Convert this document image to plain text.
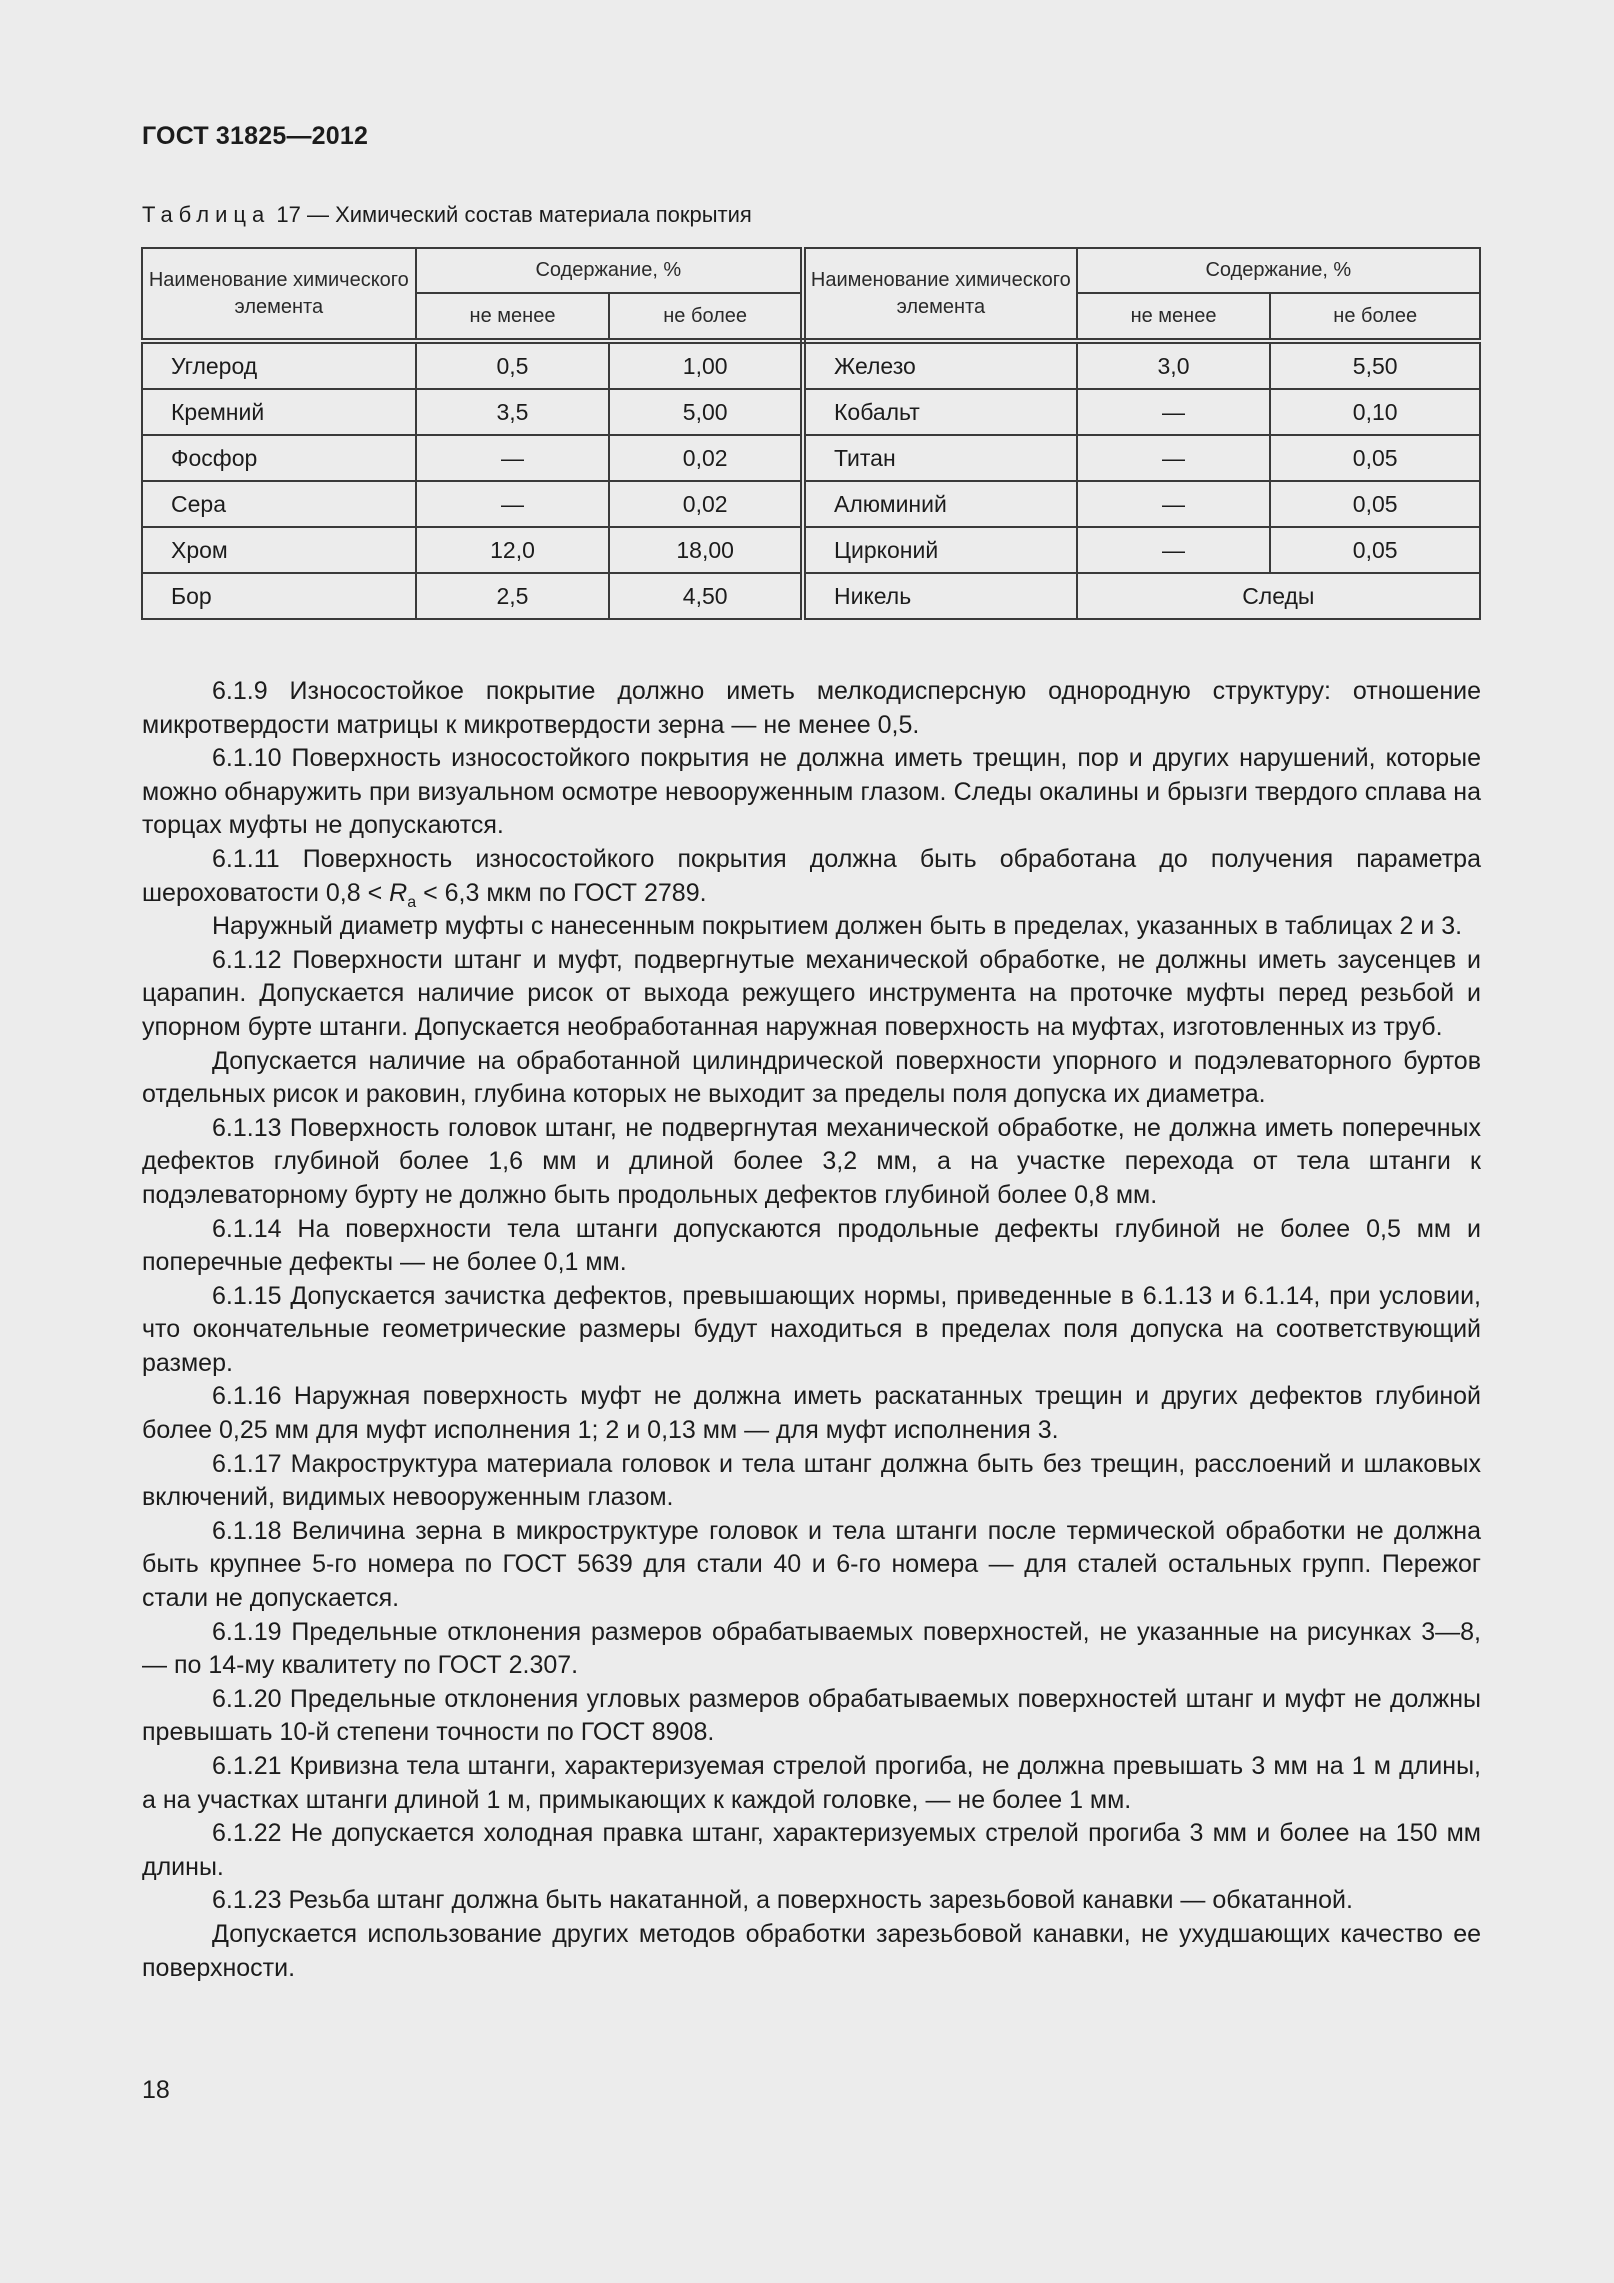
ГОСТ 31825—2012
Таблица 17 — Химический состав материала покрытия
Наименование химического элемента	Содержание, %		Наименование химического элемента	Содержание, %	
	не менее	не более		не менее	не более
Углерод	0,5	1,00	Железо	3,0	5,50
Кремний	3,5	5,00	Кобальт	—	0,10
Фосфор	—	0,02	Титан	—	0,05
Сера	—	0,02	Алюминий	—	0,05
Хром	12,0	18,00	Цирконий	—	0,05
Бор	2,5	4,50	Никель	Следы	

6.1.9 Износостойкое покрытие должно иметь мелкодисперсную однородную структуру: отношение микротвердости матрицы к микротвердости зерна — не менее 0,5.

6.1.10 Поверхность износостойкого покрытия не должна иметь трещин, пор и других нарушений, которые можно обнаружить при визуальном осмотре невооруженным глазом. Следы окалины и брызги твердого сплава на торцах муфты не допускаются.

6.1.11 Поверхность износостойкого покрытия должна быть обработана до получения параметра шероховатости $0,8 < R_a < 6,3$ мкм по ГОСТ 2789.

Наружный диаметр муфты с нанесенным покрытием должен быть в пределах, указанных в таблицах 2 и 3.

6.1.12 Поверхности штанг и муфт, подвергнутые механической обработке, не должны иметь заусенцев и царапин. Допускается наличие рисок от выхода режущего инструмента на проточке муфты перед резьбой и упорном бурте штанги. Допускается необработанная наружная поверхность на муфтах, изготовленных из труб.

Допускается наличие на обработанной цилиндрической поверхности упорного и подэлеваторного буртов отдельных рисок и раковин, глубина которых не выходит за пределы поля допуска их диаметра.

6.1.13 Поверхность головок штанг, не подвергнутая механической обработке, не должна иметь поперечных дефектов глубиной более 1,6 мм и длиной более 3,2 мм, а на участке перехода от тела штанги к подэлеваторному бурту не должно быть продольных дефектов глубиной более 0,8 мм.

6.1.14 На поверхности тела штанги допускаются продольные дефекты глубиной не более 0,5 мм и поперечные дефекты — не более 0,1 мм.

6.1.15 Допускается зачистка дефектов, превышающих нормы, приведенные в 6.1.13 и 6.1.14, при условии, что окончательные геометрические размеры будут находиться в пределах поля допуска на соответствующий размер.

6.1.16 Наружная поверхность муфт не должна иметь раскатанных трещин и других дефектов глубиной более 0,25 мм для муфт исполнения 1; 2 и 0,13 мм — для муфт исполнения 3.

6.1.17 Макроструктура материала головок и тела штанг должна быть без трещин, расслоений и шлаковых включений, видимых невооруженным глазом.

6.1.18 Величина зерна в микроструктуре головок и тела штанги после термической обработки не должна быть крупнее 5-го номера по ГОСТ 5639 для стали 40 и 6-го номера — для сталей остальных групп. Пережог стали не допускается.

6.1.19 Предельные отклонения размеров обрабатываемых поверхностей, не указанные на рисунках 3—8, — по 14-му квалитету по ГОСТ 2.307.

6.1.20 Предельные отклонения угловых размеров обрабатываемых поверхностей штанг и муфт не должны превышать 10-й степени точности по ГОСТ 8908.

6.1.21 Кривизна тела штанги, характеризуемая стрелой прогиба, не должна превышать 3 мм на 1 м длины, а на участках штанги длиной 1 м, примыкающих к каждой головке, — не более 1 мм.

6.1.22 Не допускается холодная правка штанг, характеризуемых стрелой прогиба 3 мм и более на 150 мм длины.

6.1.23 Резьба штанг должна быть накатанной, а поверхность зарезьбовой канавки — обкатанной.

Допускается использование других методов обработки зарезьбовой канавки, не ухудшающих качество ее поверхности.

18
